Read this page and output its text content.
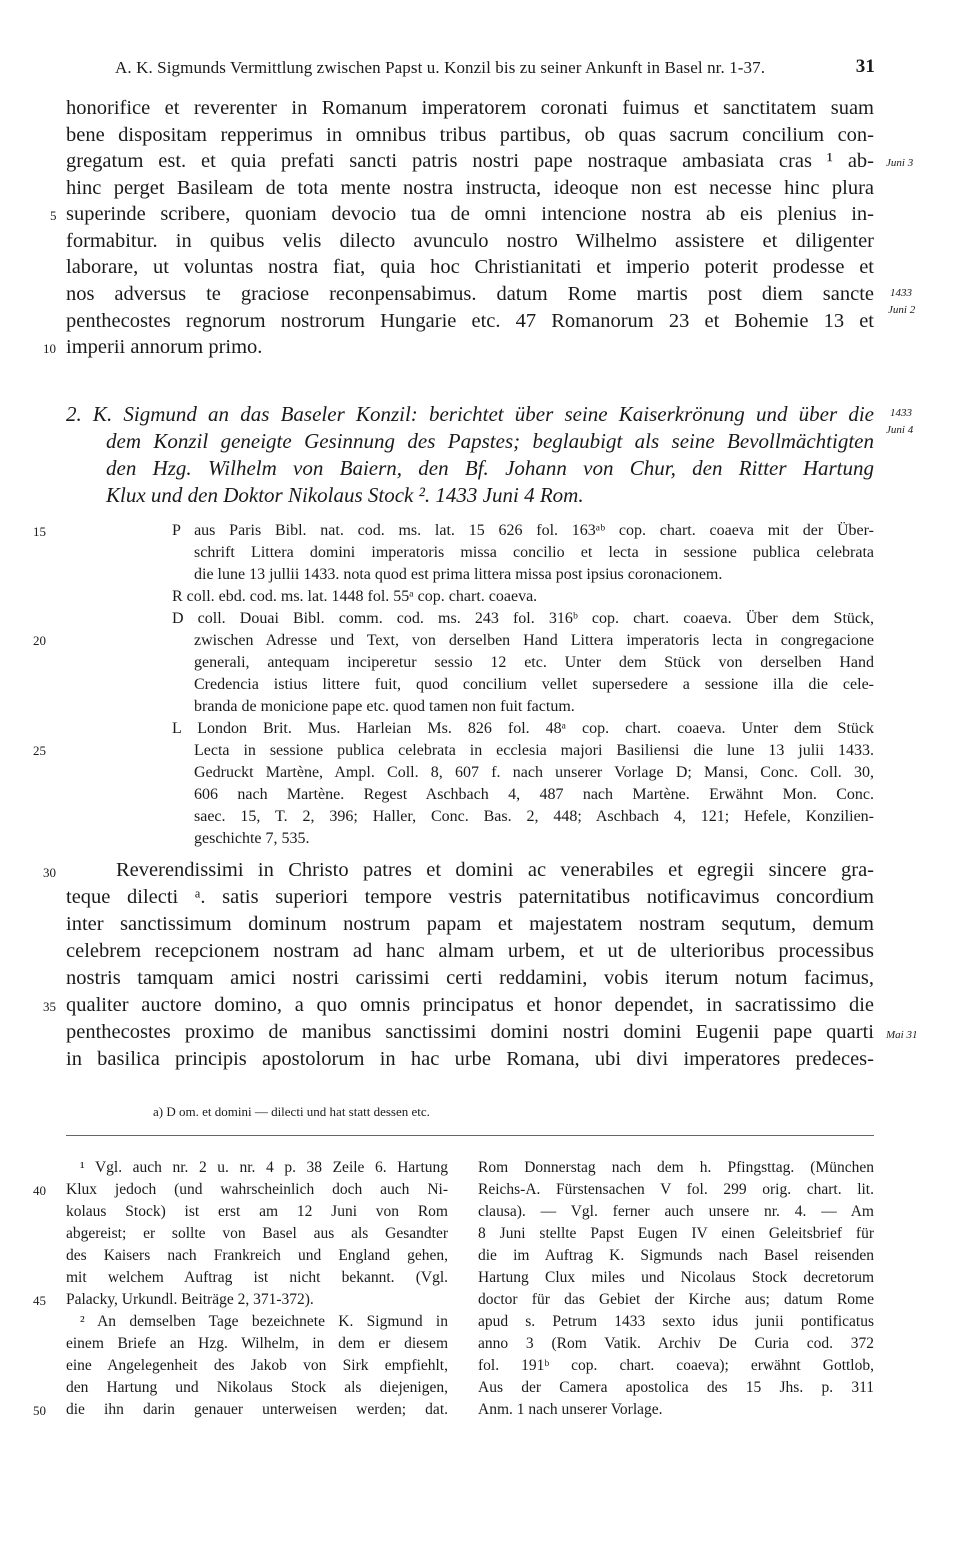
A. K. Sigmunds Vermittlung zwischen Papst u. Konzil bis zu seiner Ankunft in Basel nr. 1-37.	31
honorifice et reverenter in Romanum imperatorem coronati fuimus et sanctitatem suam
bene dispositam repperimus in omnibus tribus partibus, ob quas sacrum concilium con-
gregatum est. et quia prefati sancti patris nostri pape nostraque ambasiata cras ¹ ab-
hinc perget Basileam de tota mente nostra instructa, ideoque non est necesse hinc plura
superinde scribere, quoniam devocio tua de omni intencione nostra ab eis plenius in-
formabitur. in quibus velis dilecto avunculo nostro Wilhelmo assistere et diligenter
laborare, ut voluntas nostra fiat, quia hoc Christianitati et imperio poterit prodesse et
nos adversus te graciose reconpensabimus. datum Rome martis post diem sancte
penthecostes regnorum nostrorum Hungarie etc. 47 Romanorum 23 et Bohemie 13 et
imperii annorum primo.
2. K. Sigmund an das Baseler Konzil: berichtet über seine Kaiserkrönung und über die
dem Konzil geneigte Gesinnung des Papstes; beglaubigt als seine Bevollmächtigten
den Hzg. Wilhelm von Baiern, den Bf. Johann von Chur, den Ritter Hartung
Klux und den Doktor Nikolaus Stock ². 1433 Juni 4 Rom.
P aus Paris Bibl. nat. cod. ms. lat. 15 626 fol. 163ᵃᵇ cop. chart. coaeva mit der Über-
schrift Littera domini imperatoris missa concilio et lecta in sessione publica celebrata
die lune 13 jullii 1433. nota quod est prima littera missa post ipsius coronacionem.
R coll. ebd. cod. ms. lat. 1448 fol. 55ᵃ cop. chart. coaeva.
D coll. Douai Bibl. comm. cod. ms. 243 fol. 316ᵇ cop. chart. coaeva. Über dem Stück,
zwischen Adresse und Text, von derselben Hand Littera imperatoris lecta in congregacione
generali, antequam inciperetur sessio 12 etc. Unter dem Stück von derselben Hand
Credencia istius littere fuit, quod concilium vellet supersedere a sessione illa die cele-
branda de monicione pape etc. quod tamen non fuit factum.
L London Brit. Mus. Harleian Ms. 826 fol. 48ᵃ cop. chart. coaeva. Unter dem Stück
Lecta in sessione publica celebrata in ecclesia majori Basiliensi die lune 13 julii 1433.
Gedruckt Martène, Ampl. Coll. 8, 607 f. nach unserer Vorlage D; Mansi, Conc. Coll. 30,
606 nach Martène. Regest Aschbach 4, 487 nach Martène. Erwähnt Mon. Conc.
saec. 15, T. 2, 396; Haller, Conc. Bas. 2, 448; Aschbach 4, 121; Hefele, Konzilien-
geschichte 7, 535.
Reverendissimi in Christo patres et domini ac venerabiles et egregii sincere gra-
teque dilecti ᵃ. satis superiori tempore vestris paternitatibus notificavimus concordium
inter sanctissimum dominum nostrum papam et majestatem nostram sequtum, demum
celebrem recepcionem nostram ad hanc almam urbem, et ut de ulterioribus processibus
nostris tamquam amici nostri carissimi certi reddamini, vobis iterum notum facimus,
qualiter auctore domino, a quo omnis principatus et honor dependet, in sacratissimo die
penthecostes proximo de manibus sanctissimi domini nostri domini Eugenii pape quarti
in basilica principis apostolorum in hac urbe Romana, ubi divi imperatores predeces-
a) D om. et domini — dilecti und hat statt dessen etc.
¹ Vgl. auch nr. 2 u. nr. 4 p. 38 Zeile 6. Hartung
Klux jedoch (und wahrscheinlich doch auch Ni-
kolaus Stock) ist erst am 12 Juni von Rom
abgereist; er sollte von Basel aus als Gesandter
des Kaisers nach Frankreich und England gehen,
mit welchem Auftrag ist nicht bekannt. (Vgl.
Palacky, Urkundl. Beiträge 2, 371-372).
² An demselben Tage bezeichnete K. Sigmund in
einem Briefe an Hzg. Wilhelm, in dem er diesem
eine Angelegenheit des Jakob von Sirk empfiehlt,
den Hartung und Nikolaus Stock als diejenigen,
die ihn darin genauer unterweisen werden; dat.
Rom Donnerstag nach dem h. Pfingsttag. (München
Reichs-A. Fürstensachen V fol. 299 orig. chart. lit.
clausa). — Vgl. ferner auch unsere nr. 4. — Am
8 Juni stellte Papst Eugen IV einen Geleitsbrief für
die im Auftrag K. Sigmunds nach Basel reisenden
Hartung Clux miles und Nicolaus Stock decretorum
doctor für das Gebiet der Kirche aus; datum Rome
apud s. Petrum 1433 sexto idus junii pontificatus
anno 3 (Rom Vatik. Archiv De Curia cod. 372
fol. 191ᵇ cop. chart. coaeva); erwähnt Gottlob,
Aus der Camera apostolica des 15 Jhs. p. 311
Anm. 1 nach unserer Vorlage.
Juni 3
1433
Juni 2
1433
Juni 4
Mai 31
5
10
15
20
25
30
35
40
45
50
